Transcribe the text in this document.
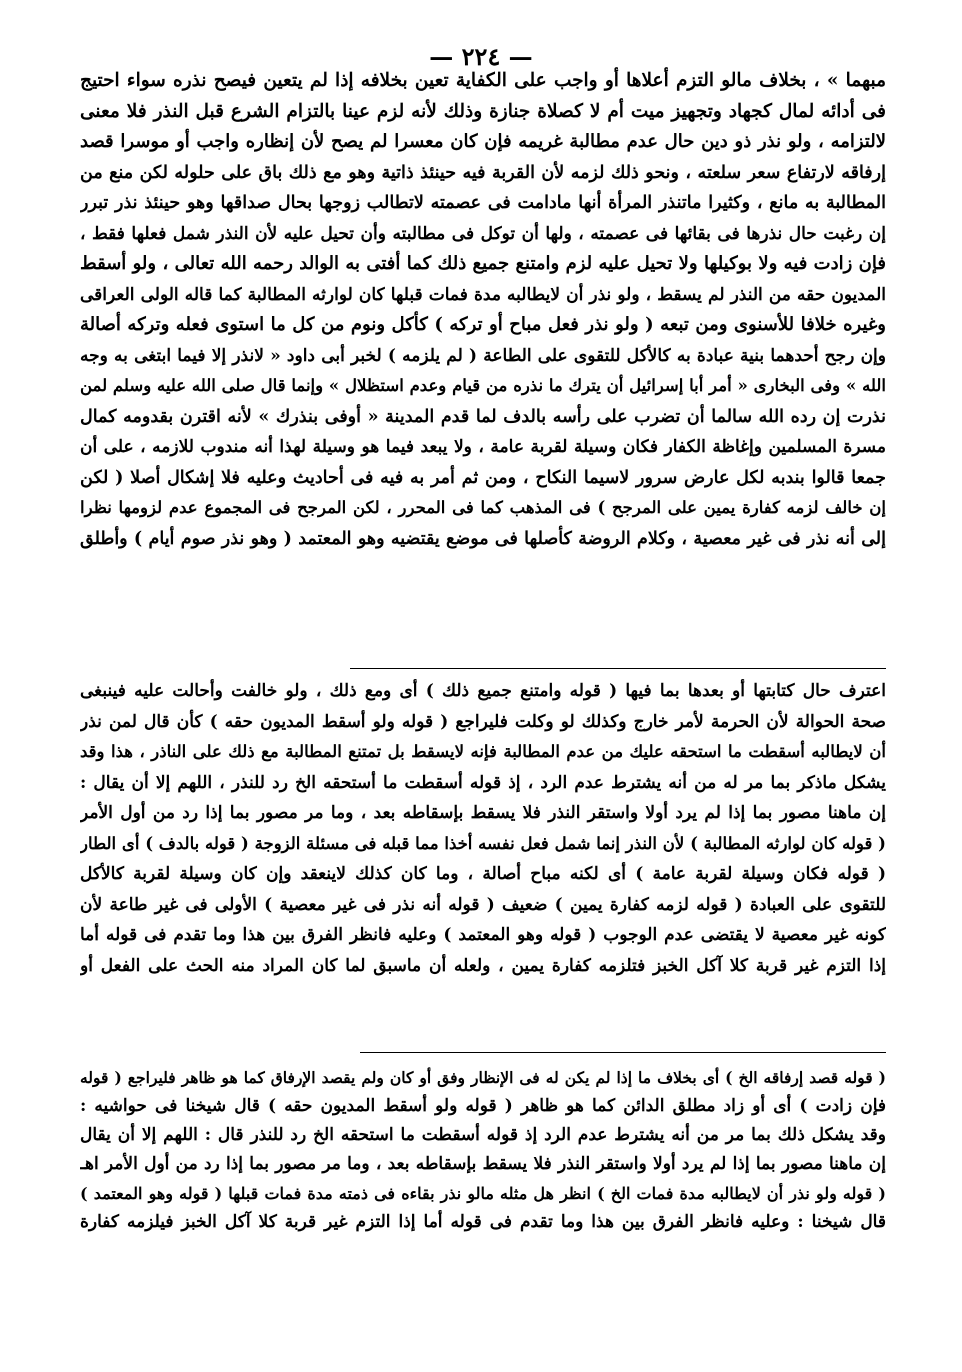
— ٢٢٤ —
مبهما » ، بخلاف مالو التزم أعلاها أو واجب على الكفاية تعين بخلافه إذا لم يتعين فيصح نذره سواء احتيج
فى أدائه لمال كجهاد وتجهيز ميت أم لا كصلاة جنازة وذلك لأنه لزم عينا بالتزام الشرع قبل النذر فلا معنى
لالتزامه ، ولو نذر ذو دين حال عدم مطالبة غريمه فإن كان معسرا لم يصح لأن إنظاره واجب أو موسرا قصد
إرفاقه لارتفاع سعر سلعته ، ونحو ذلك لزمه لأن القربة فيه حينئذ ذاتية وهو مع ذلك باق على حلوله لكن منع من
المطالبة به مانع ، وكثيرا ماتنذر المرأة أنها مادامت فى عصمته لاتطالب زوجها بحال صداقها وهو حينئذ نذر تبرر
إن رغبت حال نذرها فى بقائها فى عصمته ، ولها أن توكل فى مطالبته وأن تحيل عليه لأن النذر شمل فعلها فقط ،
فإن زادت فيه ولا بوكيلها ولا تحيل عليه لزم وامتنع جميع ذلك كما أفتى به الوالد رحمه الله تعالى ، ولو أسقط
المديون حقه من النذر لم يسقط ، ولو نذر أن لايطالبه مدة فمات قبلها كان لوارثه المطالبة كما قاله الولى العراقى
وغيره خلافا للأسنوى ومن تبعه ( ولو نذر فعل مباح أو تركه ) كأكل ونوم من كل ما استوى فعله وتركه أصالة
وإن رجح أحدهما بنية عبادة به كالأكل للتقوى على الطاعة ( لم يلزمه ) لخبر أبى داود « لانذر إلا فيما ابتغى به وجه
الله » وفى البخارى « أمر أبا إسرائيل أن يترك ما نذره من قيام وعدم استظلال » وإنما قال صلى الله عليه وسلم لمن
نذرت إن رده الله سالما أن تضرب على رأسه بالدف لما قدم المدينة « أوفى بنذرك » لأنه اقترن بقدومه كمال
مسرة المسلمين وإغاظة الكفار فكان وسيلة لقربة عامة ، ولا يبعد فيما هو وسيلة لهذا أنه مندوب للازمه ، على أن
جمعا قالوا بندبه لكل عارض سرور لاسيما النكاح ، ومن ثم أمر به فيه فى أحاديث وعليه فلا إشكال أصلا ( لكن
إن خالف لزمه كفارة يمين على المرجح ) فى المذهب كما فى المحرر ، لكن المرجح فى المجموع عدم لزومها نظرا
إلى أنه نذر فى غير معصية ، وكلام الروضة كأصلها فى موضع يقتضيه وهو المعتمد ( وهو نذر صوم أيام ) وأطلق
اعترف حال كتابتها أو بعدها بما فيها ( قوله وامتنع جميع ذلك ) أى ومع ذلك ، ولو خالفت وأحالت عليه فينبغى
صحة الحوالة لأن الحرمة لأمر خارج وكذلك لو وكلت فليراجع ( قوله ولو أسقط المديون حقه ) كأن قال لمن نذر
أن لايطالبه أسقطت ما استحقه عليك من عدم المطالبة فإنه لايسقط بل تمتنع المطالبة مع ذلك على الناذر ، هذا وقد
يشكل ماذكر بما مر له من أنه يشترط عدم الرد ، إذ قوله أسقطت ما أستحقه الخ رد للنذر ، اللهم إلا أن يقال :
إن ماهنا مصور بما إذا لم يرد أولا واستقر النذر فلا يسقط بإسقاطه بعد ، وما مر مصور بما إذا رد من أول الأمر
( قوله كان لوارثه المطالبة ) لأن النذر إنما شمل فعل نفسه أخذا مما قبله فى مسئلة الزوجة ( قوله بالدف ) أى الطار
( قوله فكان وسيلة لقربة عامة ) أى لكنه مباح أصالة ، وما كان كذلك لاينعقد وإن كان وسيلة لقربة كالأكل
للتقوى على العبادة ( قوله لزمه كفارة يمين ) ضعيف ( قوله أنه نذر فى غير معصية ) الأولى فى غير طاعة لأن
كونه غير معصية لا يقتضى عدم الوجوب ( قوله وهو المعتمد ) وعليه فانظر الفرق بين هذا وما تقدم فى قوله أما
إذا التزم غير قربة كلا آكل الخبز فتلزمه كفارة يمين ، ولعله أن ماسبق لما كان المراد منه الحث على الفعل أو
( قوله قصد إرفاقه الخ ) أى بخلاف ما إذا لم يكن له فى الإنظار وفق أو كان ولم يقصد الإرفاق كما هو ظاهر فليراجع ( قوله
فإن زادت ) أى أو زاد مطلق الدائن كما هو ظاهر ( قوله ولو أسقط المديون حقه ) قال شيخنا فى حواشيه :
وقد يشكل ذلك بما مر من أنه يشترط عدم الرد إذ قوله أسقطت ما استحقه الخ رد للنذر قال : اللهم إلا أن يقال
إن ماهنا مصور بما إذا لم يرد أولا واستقر النذر فلا يسقط بإسقاطه بعد ، وما مر مصور بما إذا رد من أول الأمر اهـ
( قوله ولو نذر أن لايطالبه مدة فمات الخ ) انظر هل مثله مالو نذر بقاءه فى ذمته مدة فمات قبلها ( قوله وهو المعتمد )
قال شيخنا : وعليه فانظر الفرق بين هذا وما تقدم فى قوله أما إذا التزم غير قربة كلا آكل الخبز فيلزمه كفارة
